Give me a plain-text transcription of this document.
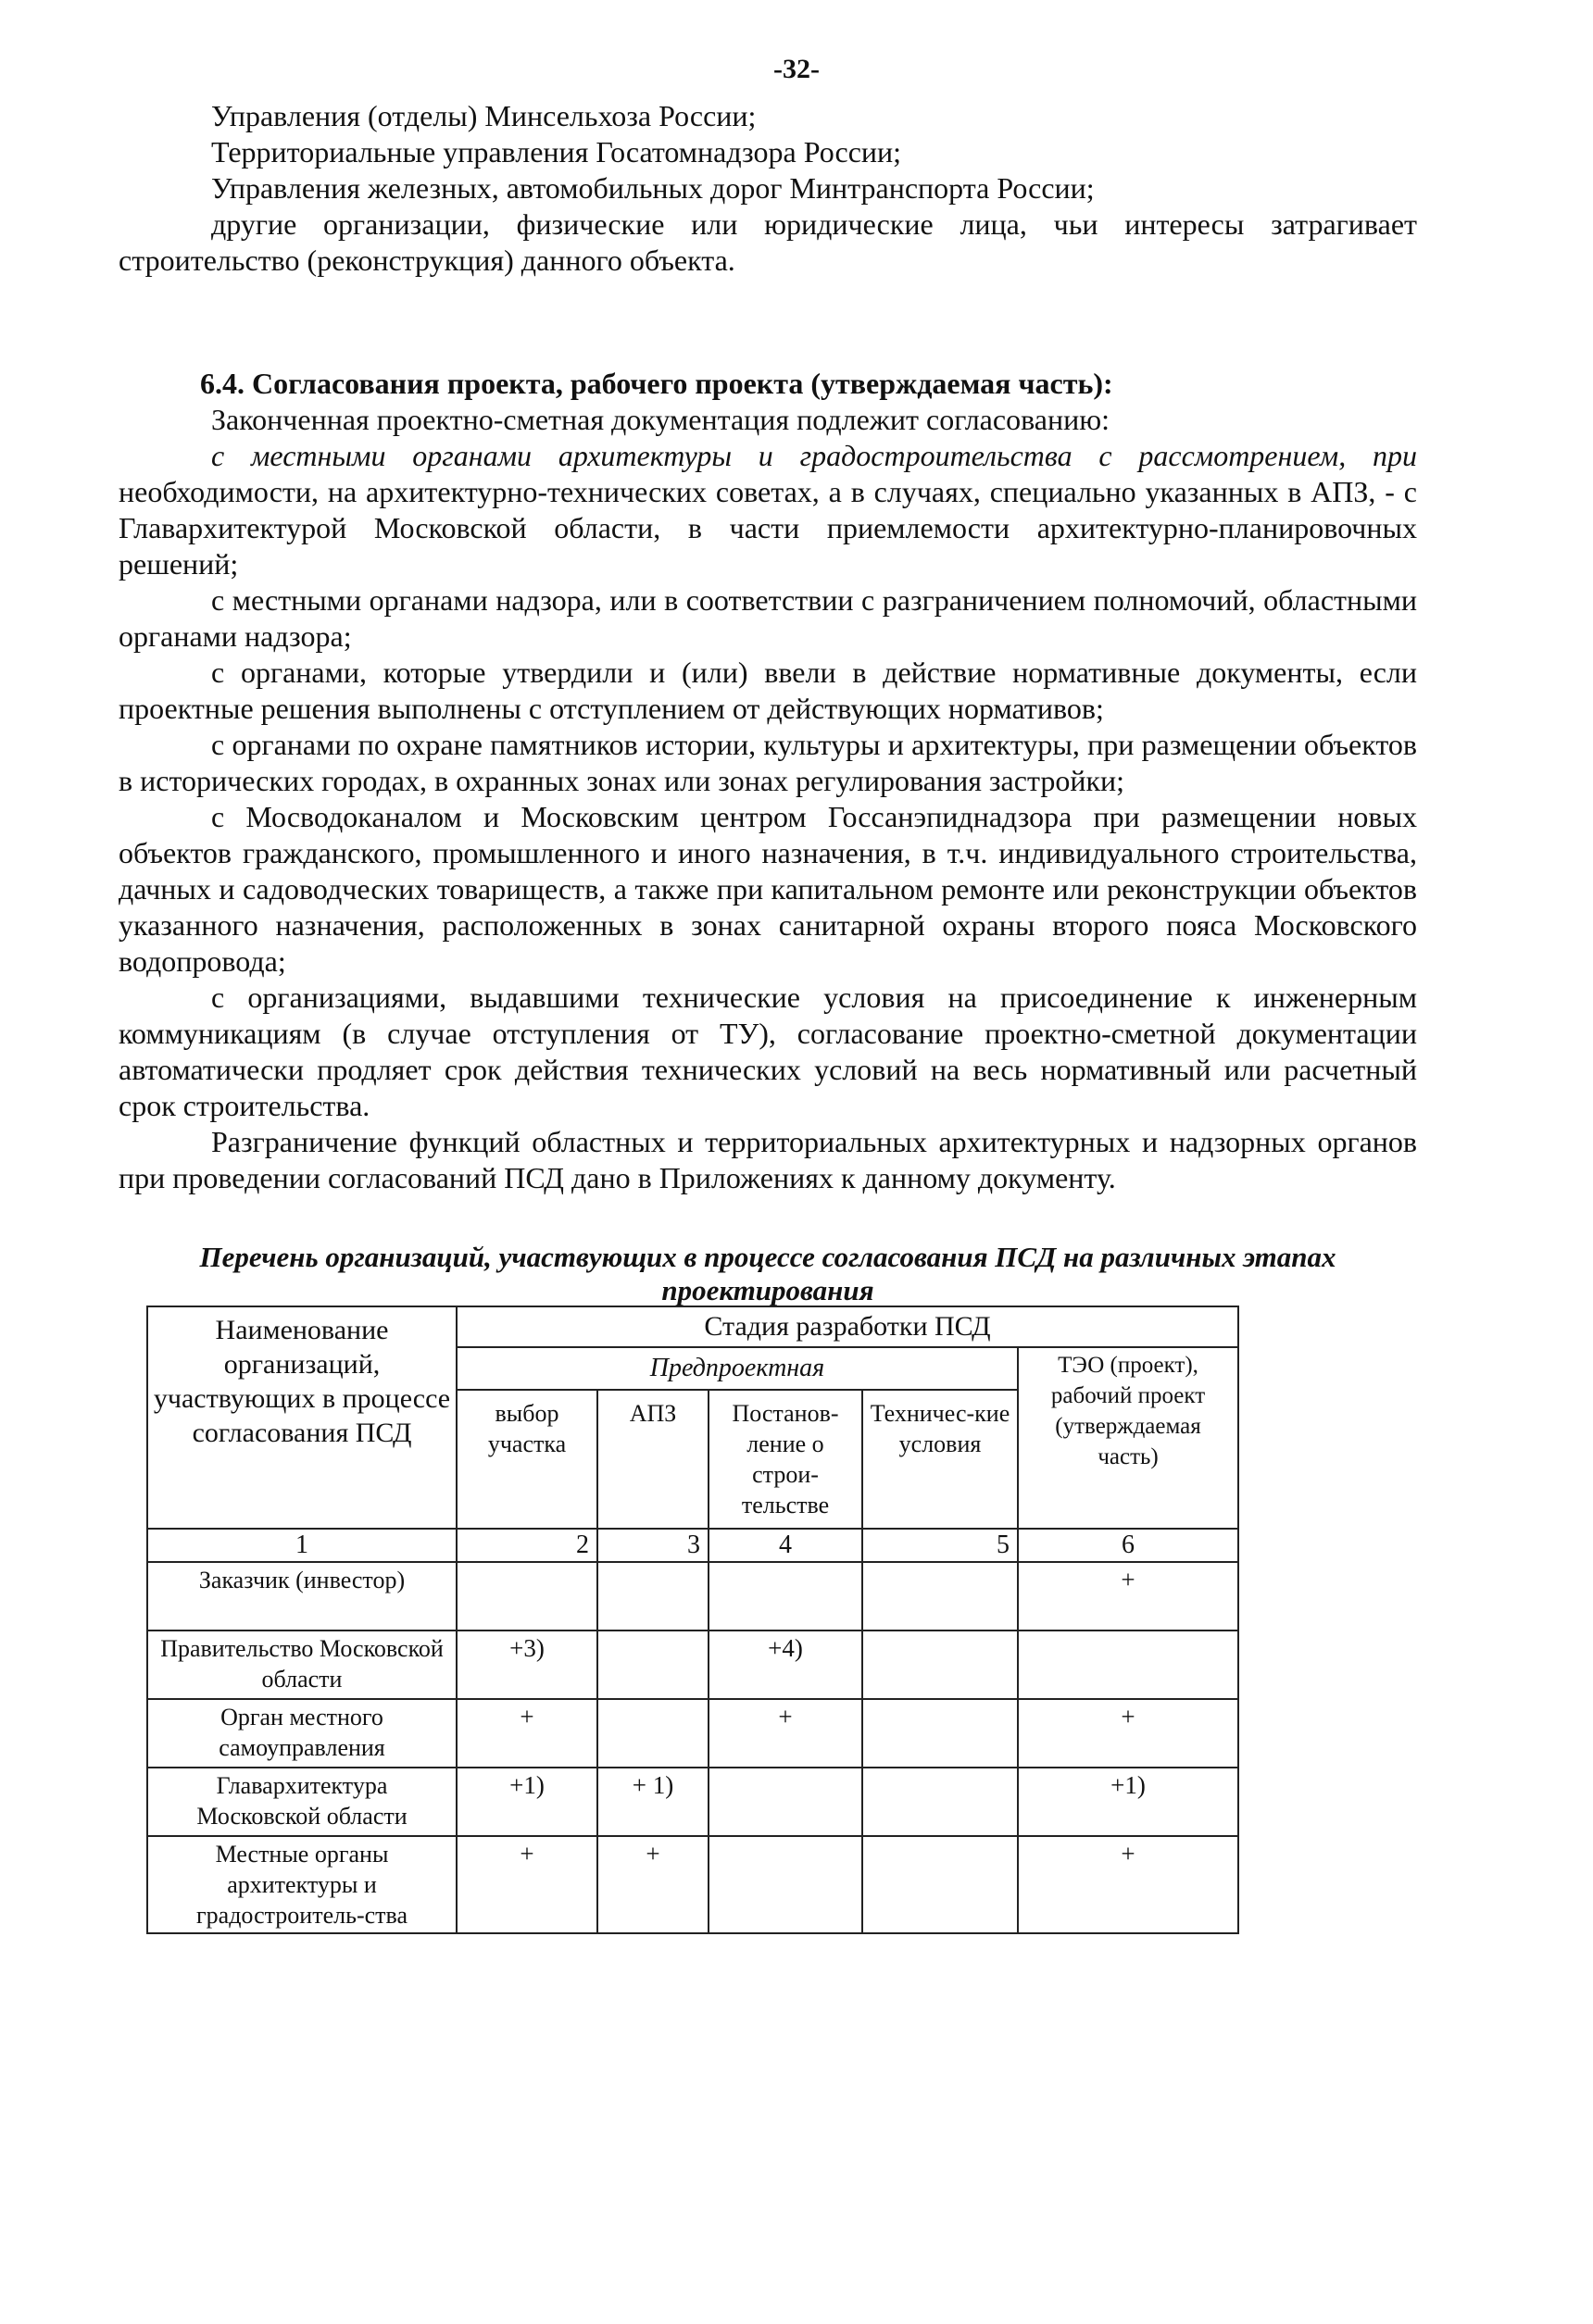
-32-

Управления (отделы) Минсельхоза России;

Территориальные управления Госатомнадзора России;

Управления железных, автомобильных дорог Минтранспорта России;

другие организации, физические или юридические лица, чьи интересы затрагивает строительство (реконструкция) данного объекта.

6.4. Согласования проекта, рабочего проекта (утверждаемая часть):

Законченная проектно-сметная документация подлежит согласованию:

с местными органами архитектуры и градостроительства с рассмотрением, при необходимости, на архитектурно-технических советах, а в случаях, специально указанных в АПЗ, - с Главархитектурой Московской области, в части приемлемости архитектурно-планировочных решений;

с местными органами надзора, или в соответствии с разграничением полномочий, областными органами надзора;

с органами, которые утвердили и (или) ввели в действие нормативные документы, если проектные решения выполнены с отступлением от действующих нормативов;

с органами по охране памятников истории, культуры и архитектуры, при размещении объектов в исторических городах, в охранных зонах или зонах регулирования застройки;

с Мосводоканалом и Московским центром Госсанэпиднадзора при размещении новых объектов гражданского, промышленного и иного назначения, в т.ч. индивидуального строительства, дачных и садоводческих товариществ, а также при капитальном ремонте или реконструкции объектов указанного назначения, расположенных в зонах санитарной охраны второго пояса Московского водопровода;

с организациями, выдавшими технические условия на присоединение к инженерным коммуникациям (в случае отступления от ТУ), согласование проектно-сметной документации автоматически продляет срок действия технических условий на весь нормативный или расчетный срок строительства.

Разграничение функций областных и территориальных архитектурных и надзорных органов при проведении согласований ПСД дано в Приложениях к данному документу.

Перечень организаций, участвующих в процессе согласования ПСД на различных этапах проектирования
Наименование организаций, участвующих в процессе согласования ПСД	Стадия разработки ПСД				
	Предпроектная				ТЭО (проект), рабочий проект (утверждаемая часть)
	выбор участка	АПЗ	Постанов-ление о строи-тельстве	Техничес-кие условия	
1	2	3	4	5	6
Заказчик (инвестор)					+
Правительство Московской области	+3)		+4)		
Орган местного самоуправления	+		+		+
Главархитектура Московской области	+1)	+ 1)			+1)
Местные органы архитектуры и градостроитель-ства	+	+			+
